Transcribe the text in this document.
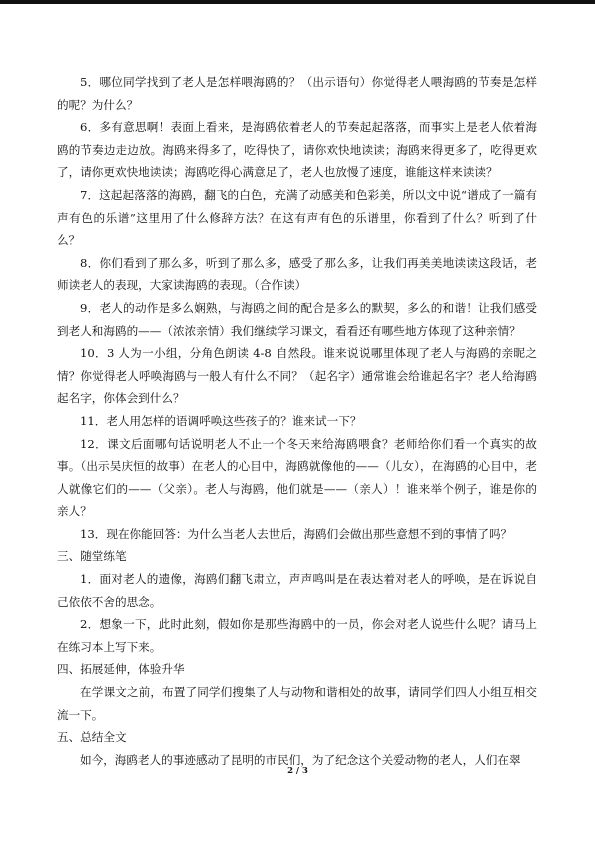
5．哪位同学找到了老人是怎样喂海鸥的？（出示语句）你觉得老人喂海鸥的节奏是怎样的呢？为什么？

6．多有意思啊！表面上看来，是海鸥依着老人的节奏起起落落，而事实上是老人依着海鸥的节奏边走边放。海鸥来得多了，吃得快了，请你欢快地读读；海鸥来得更多了，吃得更欢了，请你更欢快地读读；海鸥吃得心满意足了，老人也放慢了速度，谁能这样来读读？

7．这起起落落的海鸥，翻飞的白色，充满了动感美和色彩美，所以文中说“谱成了一篇有声有色的乐谱”这里用了什么修辞方法？在这有声有色的乐谱里，你看到了什么？听到了什么？

8．你们看到了那么多，听到了那么多，感受了那么多，让我们再美美地读读这段话，老师读老人的表现，大家读海鸥的表现。（合作读）

9．老人的动作是多么娴熟，与海鸥之间的配合是多么的默契，多么的和谐！让我们感受到老人和海鸥的——（浓浓亲情）我们继续学习课文，看看还有哪些地方体现了这种亲情？

10．3 人为一小组，分角色朗读 4-8 自然段。谁来说说哪里体现了老人与海鸥的亲昵之情？你觉得老人呼唤海鸥与一般人有什么不同？（起名字）通常谁会给谁起名字？老人给海鸥起名字，你体会到什么？

11．老人用怎样的语调呼唤这些孩子的？谁来试一下？

12．课文后面哪句话说明老人不止一个冬天来给海鸥喂食？老师给你们看一个真实的故事。（出示吴庆恒的故事）在老人的心目中，海鸥就像他的——（儿女），在海鸥的心目中，老人就像它们的——（父亲）。老人与海鸥，他们就是——（亲人）！谁来举个例子，谁是你的亲人？

13．现在你能回答：为什么当老人去世后，海鸥们会做出那些意想不到的事情了吗？

三、随堂练笔

1．面对老人的遗像，海鸥们翻飞肃立，声声鸣叫是在表达着对老人的呼唤，是在诉说自己依依不舍的思念。

2．想象一下，此时此刻，假如你是那些海鸥中的一员，你会对老人说些什么呢？请马上在练习本上写下来。

四、拓展延伸，体验升华

在学课文之前，布置了同学们搜集了人与动物和谐相处的故事，请同学们四人小组互相交流一下。

五、总结全文

如今，海鸥老人的事迹感动了昆明的市民们，为了纪念这个关爱动物的老人，人们在翠

2 / 3
